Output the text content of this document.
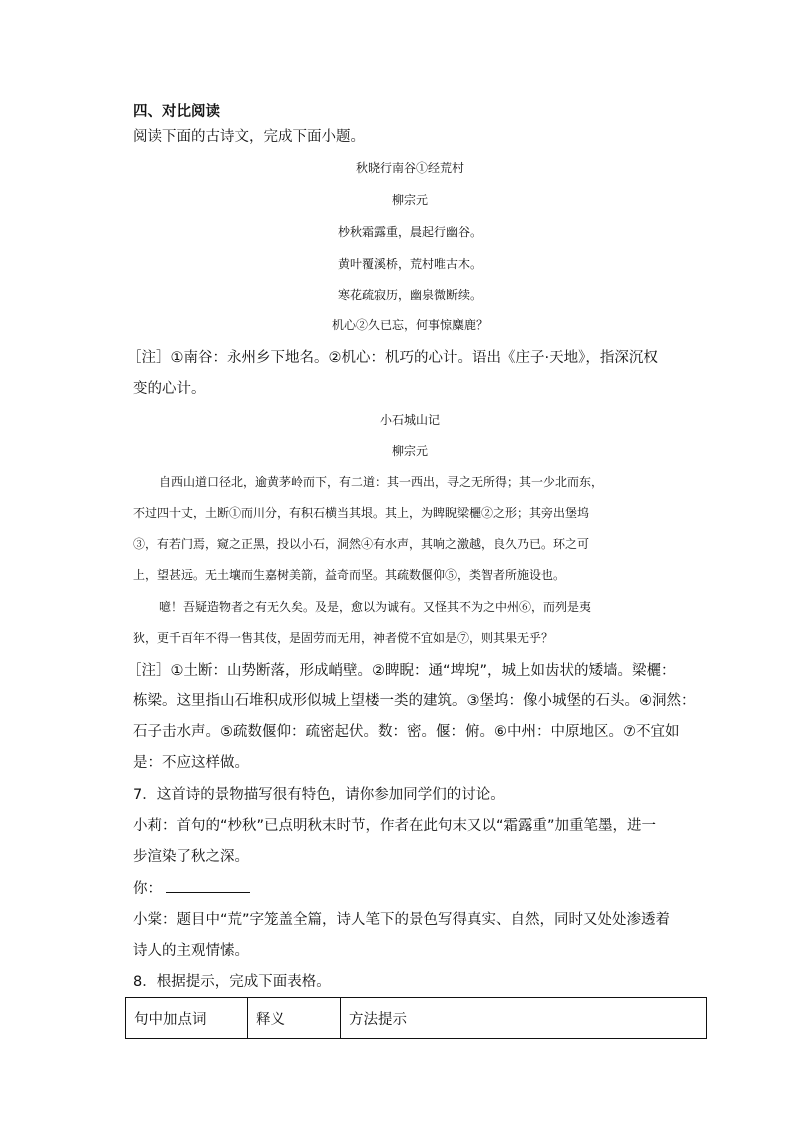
四、对比阅读
阅读下面的古诗文，完成下面小题。
秋晓行南谷①经荒村
柳宗元
杪秋霜露重，晨起行幽谷。
黄叶覆溪桥，荒村唯古木。
寒花疏寂历，幽泉微断续。
机心②久已忘，何事惊麋鹿？
［注］①南谷：永州乡下地名。②机心：机巧的心计。语出《庄子·天地》，指深沉权
变的心计。
小石城山记
柳宗元
自西山道口径北，逾黄茅岭而下，有二道：其一西出，寻之无所得；其一少北而东，
不过四十丈，土断①而川分，有积石横当其垠。其上，为睥睨梁欐②之形；其旁出堡坞
③，有若门焉，窥之正黑，投以小石，洞然④有水声，其响之激越，良久乃已。环之可
上，望甚远。无土壤而生嘉树美箭，益奇而坚。其疏数偃仰⑤，类智者所施设也。
噫！吾疑造物者之有无久矣。及是，愈以为诚有。又怪其不为之中州⑥，而列是夷
狄，更千百年不得一售其伎，是固劳而无用，神者傥不宜如是⑦，则其果无乎？
［注］①土断：山势断落，形成峭壁。②睥睨：通“埤堄”，城上如齿状的矮墙。梁欐：
栋梁。这里指山石堆积成形似城上望楼一类的建筑。③堡坞：像小城堡的石头。④洞然：
石子击水声。⑤疏数偃仰：疏密起伏。数：密。偃：俯。⑥中州：中原地区。⑦不宜如
是：不应这样做。
7．这首诗的景物描写很有特色，请你参加同学们的讨论。
小莉：首句的“杪秋”已点明秋末时节，作者在此句末又以“霜露重”加重笔墨，进一
步渲染了秋之深。
你：
小棠：题目中“荒”字笼盖全篇，诗人笔下的景色写得真实、自然，同时又处处渗透着
诗人的主观情愫。
8．根据提示，完成下面表格。
句中加点词	释义	方法提示
